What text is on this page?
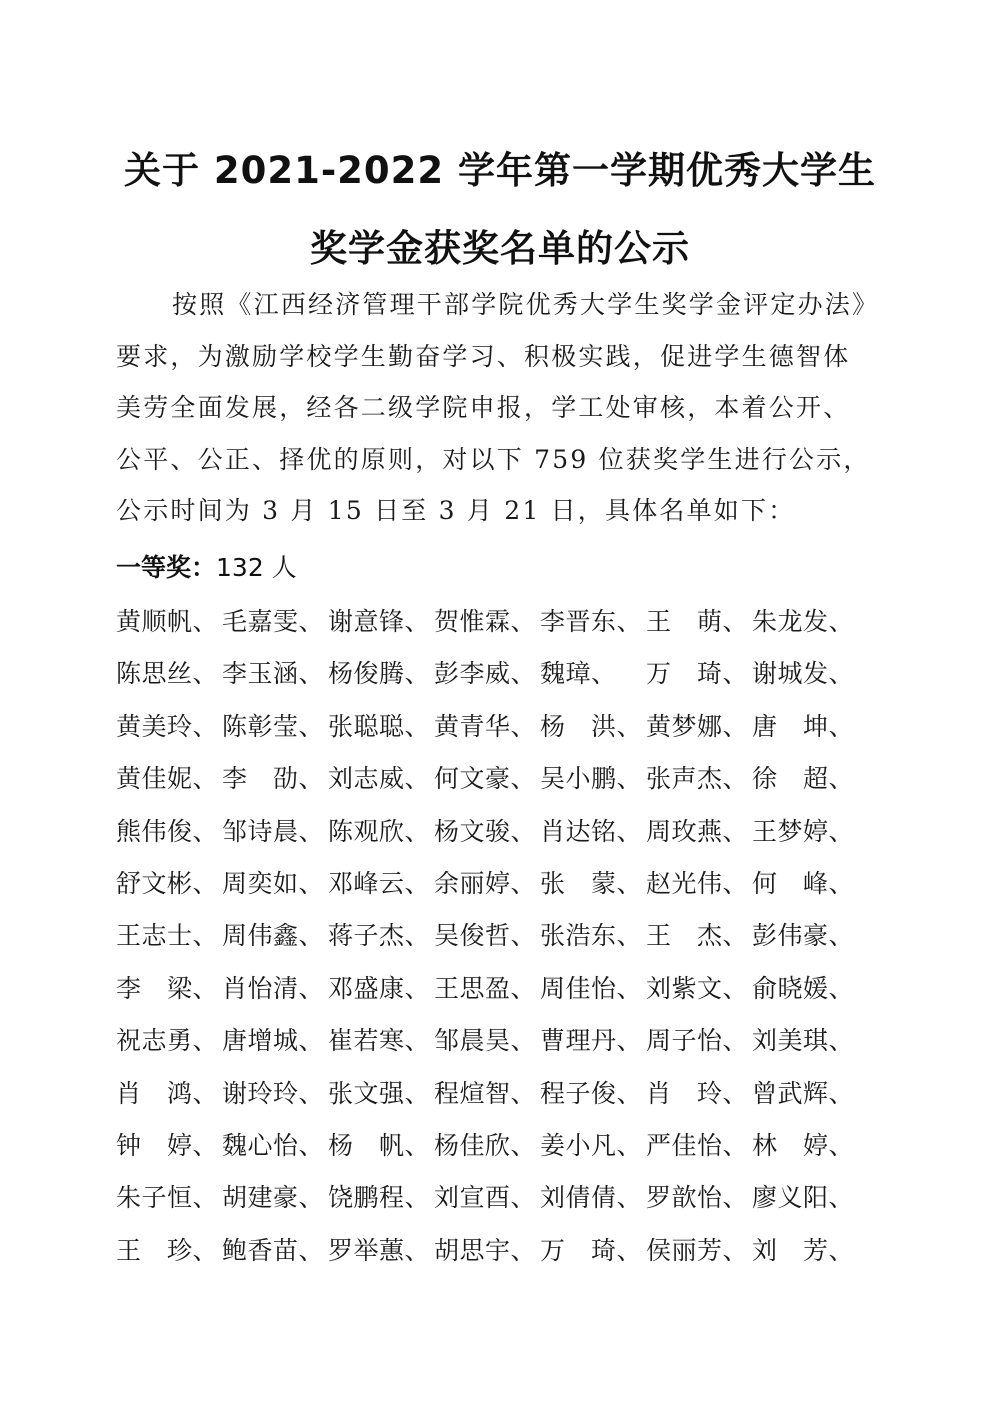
关于 2021-2022 学年第一学期优秀大学生
奖学金获奖名单的公示
按照《江西经济管理干部学院优秀大学生奖学金评定办法》
要求，为激励学校学生勤奋学习、积极实践，促进学生德智体
美劳全面发展，经各二级学院申报，学工处审核，本着公开、
公平、公正、择优的原则，对以下 759 位获奖学生进行公示，
公示时间为 3 月 15 日至 3 月 21 日，具体名单如下：
一等奖：132 人
黄顺帆、 毛嘉雯、 谢意锋、 贺惟霖、 李晋东、 王　萌、 朱龙发、
陈思丝、 李玉涵、 杨俊腾、 彭李威、 魏璋、 万　琦、 谢城发、
黄美玲、 陈彰莹、 张聪聪、 黄青华、 杨　洪、 黄梦娜、 唐　坤、
黄佳妮、 李　劭、 刘志威、 何文豪、 吴小鹏、 张声杰、 徐　超、
熊伟俊、 邹诗晨、 陈观欣、 杨文骏、 肖达铭、 周玫燕、 王梦婷、
舒文彬、 周奕如、 邓峰云、 余丽婷、 张　蒙、 赵光伟、 何　峰、
王志士、 周伟鑫、 蒋子杰、 吴俊哲、 张浩东、 王　杰、 彭伟豪、
李　梁、 肖怡清、 邓盛康、 王思盈、 周佳怡、 刘紫文、 俞晓媛、
祝志勇、 唐增城、 崔若寒、 邹晨昊、 曹理丹、 周子怡、 刘美琪、
肖　鸿、 谢玲玲、 张文强、 程煊智、 程子俊、 肖　玲、 曾武辉、
钟　婷、 魏心怡、 杨　帆、 杨佳欣、 姜小凡、 严佳怡、 林　婷、
朱子恒、 胡建豪、 饶鹏程、 刘宣酉、 刘倩倩、 罗歆怡、 廖义阳、
王　珍、 鲍香苗、 罗举蕙、 胡思宇、 万　琦、 侯丽芳、 刘　芳、
